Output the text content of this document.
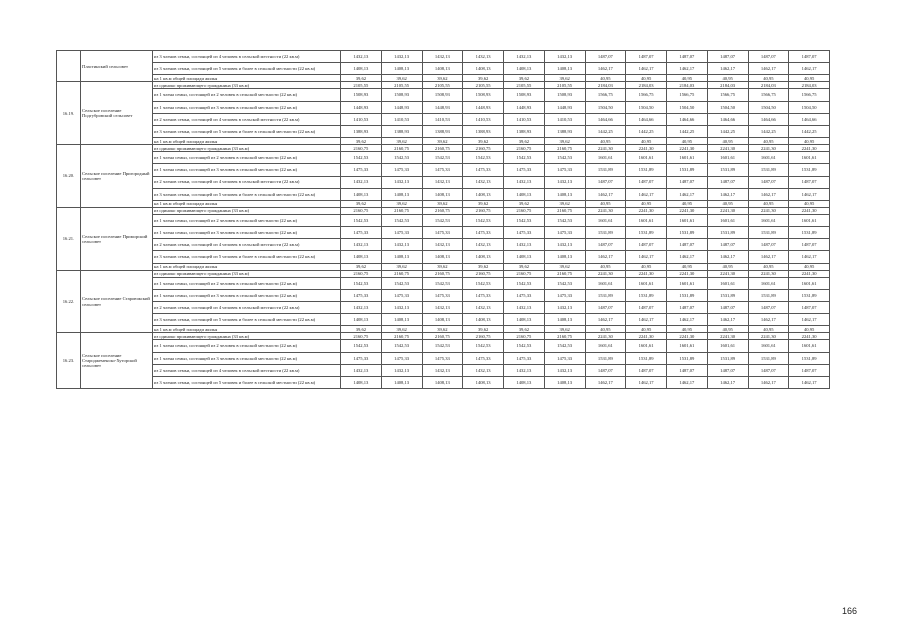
	Пластинский сельсовет	из 3 членов семьи, состоящей из 4 человек в сельской местности (22 кв.м)	1432,13	1432,13	1432,13	1432,13	1432,13	1432,13	1487,07	1487,07	1487,07	1487,07	1487,07	1487,07
		из 3 членов семьи, состоящей из 5 человек и более в сельской местности (22 кв.м)	1408,13	1408,13	1408,13	1408,13	1408,13	1408,13	1462,17	1462,17	1462,17	1462,17	1462,17	1462,17
		на 1 кв.м общей площади жилья	39,62	39,62	39,62	39,62	39,62	39,62	40,95	40,95	40,95	40,95	40,95	40,95
16.19.	Сельское поселение Подгубровский сельсовет	из одиноко проживающего гражданина (33 кв.м)	2105,55	2105,55	2105,55	2105,55	2105,55	2105,55	2184,03	2184,03	2184,03	2184,03	2184,03	2184,03
		из 1 члена семьи, состоящей из 2 человек в сельской местности (22 кв.м)	1508,93	1508,93	1508,93	1508,93	1508,93	1508,93	1566,75	1566,75	1566,75	1566,75	1566,75	1566,75
		из 1 члена семьи, состоящей из 3 человек в сельской местности (22 кв.м)	1448,93	1448,93	1448,93	1448,93	1448,93	1448,93	1504,50	1504,50	1504,50	1504,50	1504,50	1504,50
		из 2 членов семьи, состоящей из 4 человек в сельской местности (22 кв.м)	1410,53	1410,53	1410,53	1410,53	1410,53	1410,53	1464,66	1464,66	1464,66	1464,66	1464,66	1464,66
		из 3 членов семьи, состоящей из 5 человек и более в сельской местности (22 кв.м)	1388,93	1388,93	1388,93	1388,93	1388,93	1388,93	1442,25	1442,25	1442,25	1442,25	1442,25	1442,25
		на 1 кв.м общей площади жилья	39,62	39,62	39,62	39,62	39,62	39,62	40,95	40,95	40,95	40,95	40,95	40,95
16.20.	Сельское поселение Пригородный сельсовет	из одиноко проживающего гражданина (33 кв.м)	2160,75	2160,75	2160,75	2160,75	2160,75	2160,75	2241,30	2241,30	2241,30	2241,30	2241,30	2241,30
		из 1 члена семьи, состоящей из 2 человек в сельской местности (22 кв.м)	1542,53	1542,53	1542,53	1542,53	1542,53	1542,53	1601,61	1601,61	1601,61	1601,61	1601,61	1601,61
		из 1 члена семьи, состоящей из 3 человек в сельской местности (22 кв.м)	1475,33	1475,33	1475,33	1475,33	1475,33	1475,33	1531,89	1531,89	1531,89	1531,89	1531,89	1531,89
		из 2 членов семьи, состоящей из 4 человек в сельской местности (22 кв.м)	1432,13	1432,13	1432,13	1432,13	1432,13	1432,13	1487,07	1487,07	1487,07	1487,07	1487,07	1487,07
		из 3 членов семьи, состоящей из 5 человек и более в сельской местности (22 кв.м)	1408,13	1408,13	1408,13	1408,13	1408,13	1408,13	1462,17	1462,17	1462,17	1462,17	1462,17	1462,17
		на 1 кв.м общей площади жилья	39,62	39,62	39,62	39,62	39,62	39,62	40,95	40,95	40,95	40,95	40,95	40,95
16.21.	Сельское поселение Приморский сельсовет	из одиноко проживающего гражданина (33 кв.м)	2160,75	2160,75	2160,75	2160,75	2160,75	2160,75	2241,30	2241,30	2241,30	2241,30	2241,30	2241,30
		из 1 члена семьи, состоящей из 2 человек в сельской местности (22 кв.м)	1542,53	1542,53	1542,53	1542,53	1542,53	1542,53	1601,61	1601,61	1601,61	1601,61	1601,61	1601,61
		из 1 члена семьи, состоящей из 3 человек в сельской местности (22 кв.м)	1475,33	1475,33	1475,33	1475,33	1475,33	1475,33	1531,89	1531,89	1531,89	1531,89	1531,89	1531,89
		из 2 членов семьи, состоящей из 4 человек в сельской местности (22 кв.м)	1432,13	1432,13	1432,13	1432,13	1432,13	1432,13	1487,07	1487,07	1487,07	1487,07	1487,07	1487,07
		из 3 членов семьи, состоящей из 5 человек и более в сельской местности (22 кв.м)	1408,13	1408,13	1408,13	1408,13	1408,13	1408,13	1462,17	1462,17	1462,17	1462,17	1462,17	1462,17
		на 1 кв.м общей площади жилья	39,62	39,62	39,62	39,62	39,62	39,62	40,95	40,95	40,95	40,95	40,95	40,95
16.22.	Сельское поселение Староюжский сельсовет	из одиноко проживающего гражданина (33 кв.м)	2160,75	2160,75	2160,75	2160,75	2160,75	2160,75	2241,30	2241,30	2241,30	2241,30	2241,30	2241,30
		из 1 члена семьи, состоящей из 2 человек в сельской местности (22 кв.м)	1542,53	1542,53	1542,53	1542,53	1542,53	1542,53	1601,61	1601,61	1601,61	1601,61	1601,61	1601,61
		из 1 члена семьи, состоящей из 3 человек в сельской местности (22 кв.м)	1475,33	1475,33	1475,33	1475,33	1475,33	1475,33	1531,89	1531,89	1531,89	1531,89	1531,89	1531,89
		из 2 членов семьи, состоящей из 4 человек в сельской местности (22 кв.м)	1432,13	1432,13	1432,13	1432,13	1432,13	1432,13	1487,07	1487,07	1487,07	1487,07	1487,07	1487,07
		из 3 членов семьи, состоящей из 5 человек и более в сельской местности (22 кв.м)	1408,13	1408,13	1408,13	1408,13	1408,13	1408,13	1462,17	1462,17	1462,17	1462,17	1462,17	1462,17
		на 1 кв.м общей площади жилья	39,62	39,62	39,62	39,62	39,62	39,62	40,95	40,95	40,95	40,95	40,95	40,95
16.23.	Сельское поселение Староджеменско-Хуторской сельсовет	из одиноко проживающего гражданина (33 кв.м)	2160,75	2160,75	2160,75	2160,75	2160,75	2160,75	2241,30	2241,30	2241,30	2241,30	2241,30	2241,30
		из 1 члена семьи, состоящей из 2 человек в сельской местности (22 кв.м)	1542,53	1542,53	1542,53	1542,53	1542,53	1542,53	1601,61	1601,61	1601,61	1601,61	1601,61	1601,61
		из 1 члена семьи, состоящей из 3 человек в сельской местности (22 кв.м)	1475,33	1475,33	1475,33	1475,33	1475,33	1475,33	1531,89	1531,89	1531,89	1531,89	1531,89	1531,89
		из 2 членов семьи, состоящей из 4 человек в сельской местности (22 кв.м)	1432,13	1432,13	1432,13	1432,13	1432,13	1432,13	1487,07	1487,07	1487,07	1487,07	1487,07	1487,07
		из 3 членов семьи, состоящей из 5 человек и более в сельской местности (22 кв.м)	1408,13	1408,13	1408,13	1408,13	1408,13	1408,13	1462,17	1462,17	1462,17	1462,17	1462,17	1462,17
166
